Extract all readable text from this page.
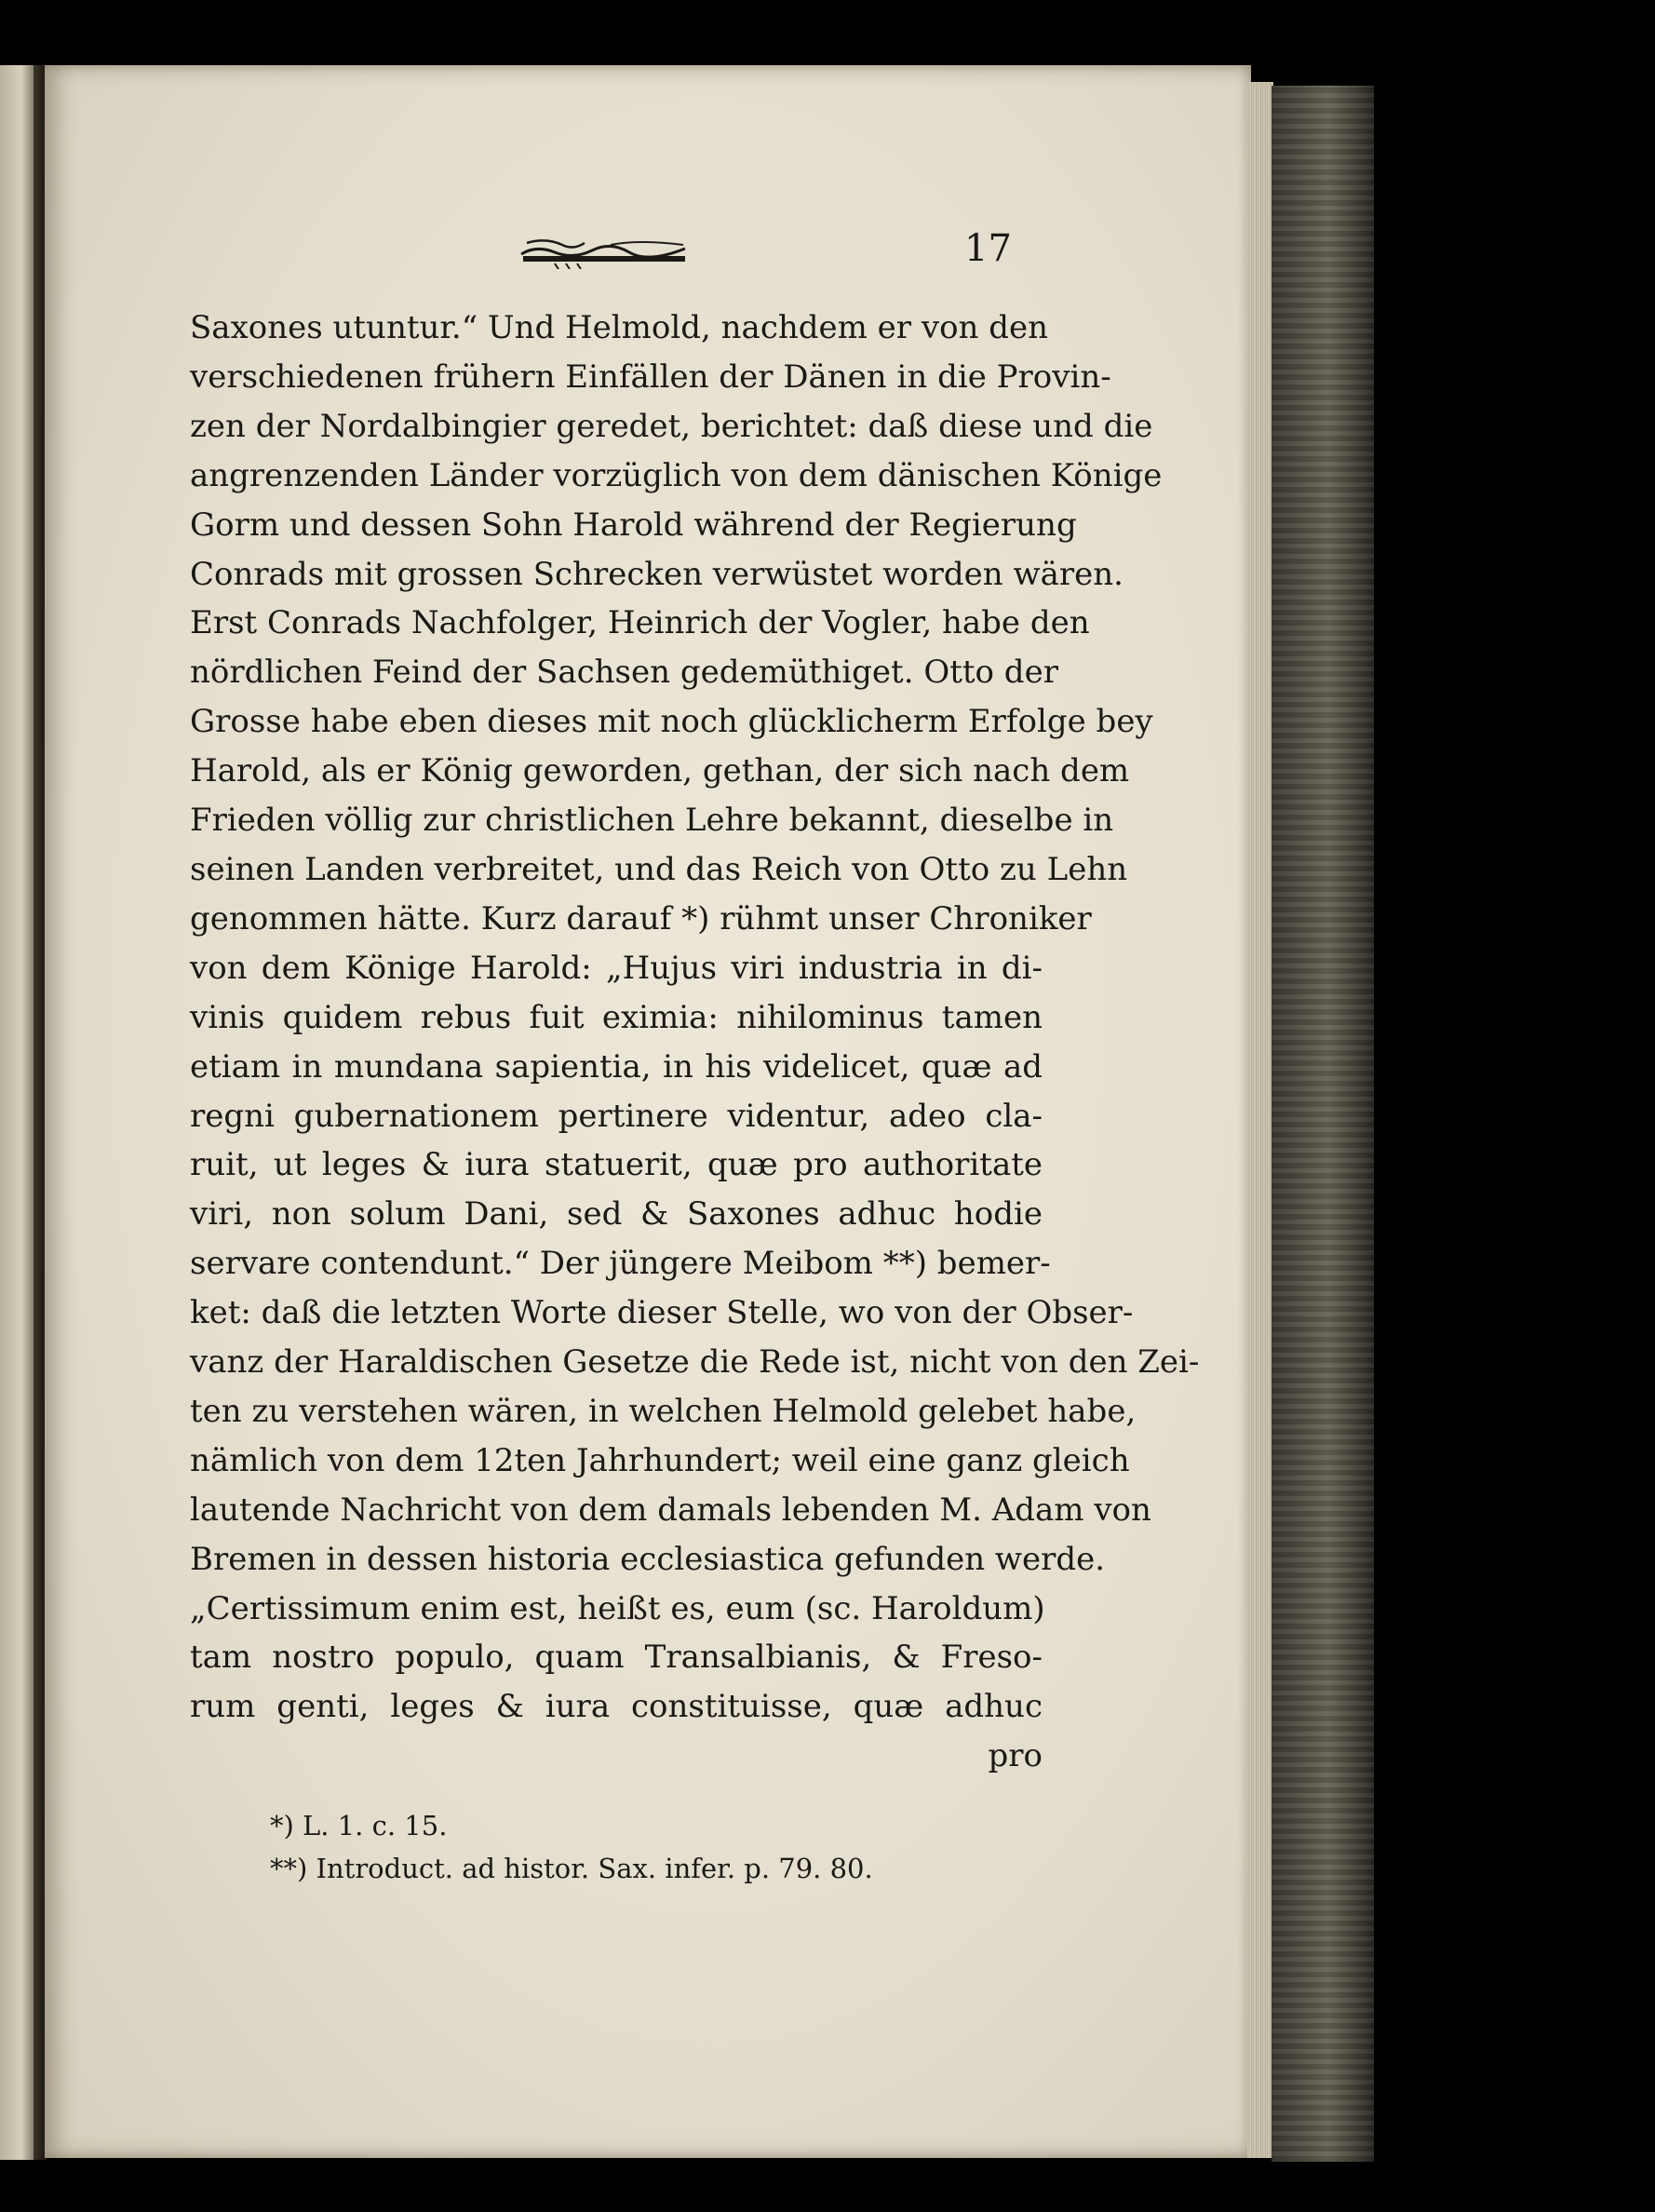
17
Saxones utuntur.“ Und Helmold, nachdem er von den
verschiedenen frühern Einfällen der Dänen in die Provin-
zen der Nordalbingier geredet, berichtet: daß diese und die
angrenzenden Länder vorzüglich von dem dänischen Könige
Gorm und dessen Sohn Harold während der Regierung
Conrads mit grossen Schrecken verwüstet worden wären.
Erst Conrads Nachfolger, Heinrich der Vogler, habe den
nördlichen Feind der Sachsen gedemüthiget. Otto der
Grosse habe eben dieses mit noch glücklicherm Erfolge bey
Harold, als er König geworden, gethan, der sich nach dem
Frieden völlig zur christlichen Lehre bekannt, dieselbe in
seinen Landen verbreitet, und das Reich von Otto zu Lehn
genommen hätte. Kurz darauf *) rühmt unser Chroniker
von dem Könige Harold: „Hujus viri industria in di-
vinis quidem rebus fuit eximia: nihilominus tamen
etiam in mundana sapientia, in his videlicet, quæ ad
regni gubernationem pertinere videntur, adeo cla-
ruit, ut leges & iura statuerit, quæ pro authoritate
viri, non solum Dani, sed & Saxones adhuc hodie
servare contendunt.“ Der jüngere Meibom **) bemer-
ket: daß die letzten Worte dieser Stelle, wo von der Obser-
vanz der Haraldischen Gesetze die Rede ist, nicht von den Zei-
ten zu verstehen wären, in welchen Helmold gelebet habe,
nämlich von dem 12ten Jahrhundert; weil eine ganz gleich
lautende Nachricht von dem damals lebenden M. Adam von
Bremen in dessen historia ecclesiastica gefunden werde.
„Certissimum enim est, heißt es, eum (sc. Haroldum)
tam nostro populo, quam Transalbianis, & Freso-
rum genti, leges & iura constituisse, quæ adhuc
pro
*) L. 1. c. 15.
**) Introduct. ad histor. Sax. infer. p. 79. 80.
